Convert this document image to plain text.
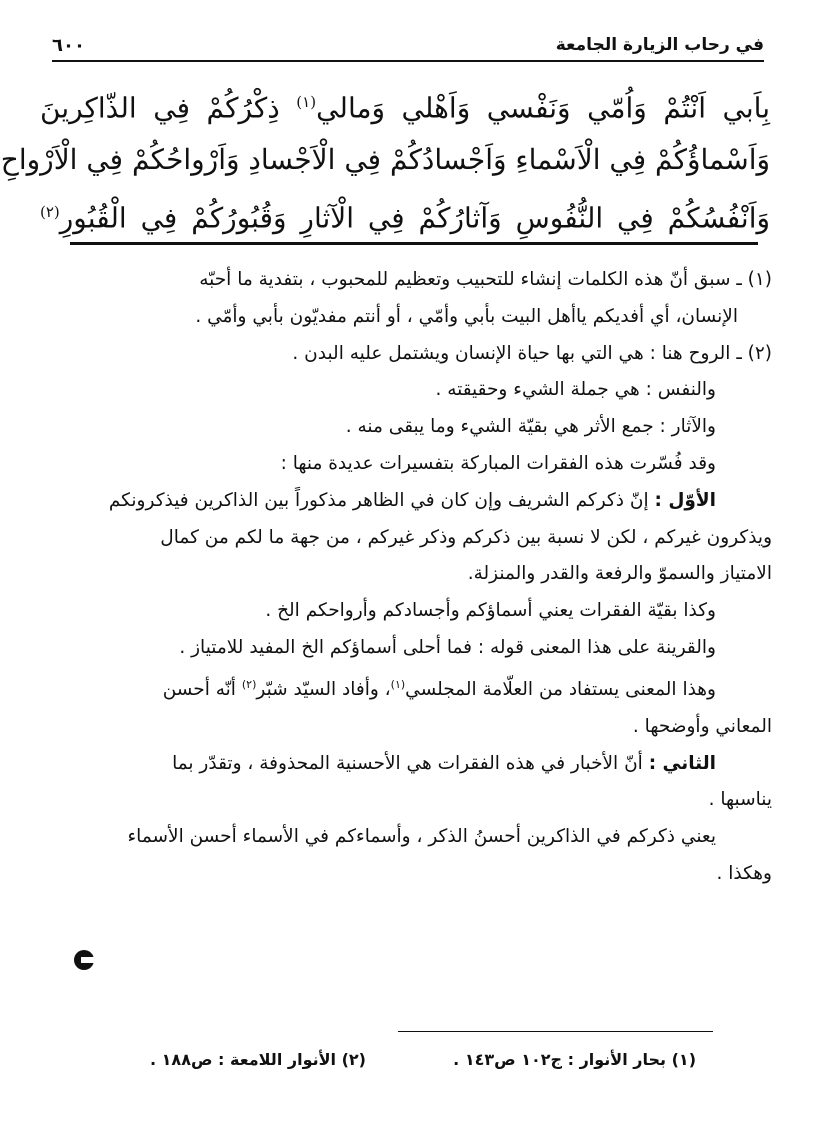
في رحاب الزيارة الجامعة
٦٠٠
بِاَبي اَنْتُمْ وَاُمّي وَنَفْسي وَاَهْلي وَمالي$^{(١)}$ ذِكْرُكُمْ فِي الذّاكِرينَ
وَاَسْماؤُكُمْ فِي الْاَسْماءِ وَاَجْسادُكُمْ فِي الْاَجْسادِ وَاَرْواحُكُمْ فِي الْاَرْواحِ
وَاَنْفُسُكُمْ فِي النُّفُوسِ وَآثارُكُمْ فِي الْآثارِ وَقُبُورُكُمْ فِي الْقُبُورِ$^{(٢)}$

(١) ـ سبق أنّ هذه الكلمات إنشاء للتحبيب وتعظيم للمحبوب ، بتفدية ما أحبّه

الإنسان، أي أفديكم ياأهل البيت بأبي وأمّي ، أو أنتم مفديّون بأبي وأمّي .

(٢) ـ الروح هنا : هي التي بها حياة الإنسان ويشتمل عليه البدن .

والنفس : هي جملة الشيء وحقيقته .

والآثار : جمع الأثر هي بقيّة الشيء وما يبقى منه .

وقد فُسّرت هذه الفقرات المباركة بتفسيرات عديدة منها :

الأوّل : إنّ ذكركم الشريف وإن كان في الظاهر مذكوراً بين الذاكرين فيذكرونكم

ويذكرون غيركم ، لكن لا نسبة بين ذكركم وذكر غيركم ، من جهة ما لكم من كمال

الامتياز والسموّ والرفعة والقدر والمنزلة.

وكذا بقيّة الفقرات يعني أسماؤكم وأجسادكم وأرواحكم الخ .

والقرينة على هذا المعنى قوله : فما أحلى أسماؤكم الخ المفيد للامتياز .

وهذا المعنى يستفاد من العلّامة المجلسي$^{(١)}$، وأفاد السيّد شبّر$^{(٢)}$ أنّه أحسن

المعاني وأوضحها .

الثاني : أنّ الأخبار في هذه الفقرات هي الأحسنية المحذوفة ، وتقدّر بما

يناسبها .

يعني ذكركم في الذاكرين أحسنُ الذكر ، وأسماءكم في الأسماء أحسن الأسماء

وهكذا .

(١) بحار الأنوار : ج١٠٢ ص١٤٣ .
(٢) الأنوار اللامعة : ص١٨٨ .
